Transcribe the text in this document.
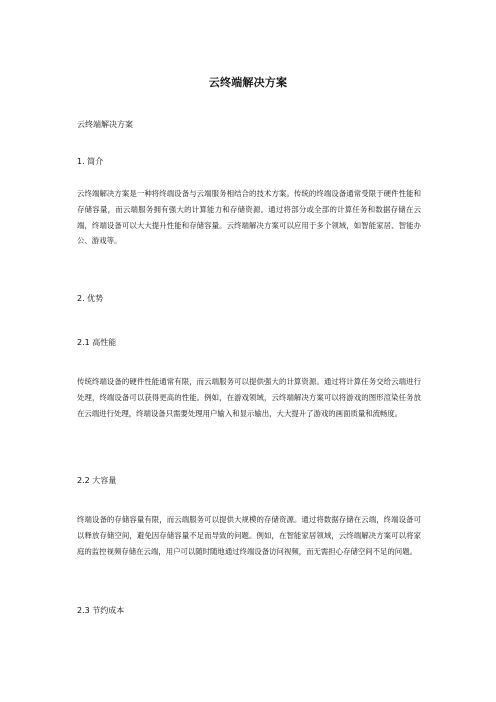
云终端解决方案
云终端解决方案
1. 简介
云终端解决方案是一种将终端设备与云端服务相结合的技术方案。传统的终端设备通常受限于硬件性能和存储容量，而云端服务拥有强大的计算能力和存储资源。通过将部分或全部的计算任务和数据存储在云端，终端设备可以大大提升性能和存储容量。云终端解决方案可以应用于多个领域，如智能家居、智能办公、游戏等。
2. 优势
2.1 高性能
传统终端设备的硬件性能通常有限，而云端服务可以提供强大的计算资源。通过将计算任务交给云端进行处理，终端设备可以获得更高的性能。例如，在游戏领域，云终端解决方案可以将游戏的图形渲染任务放在云端进行处理，终端设备只需要处理用户输入和显示输出，大大提升了游戏的画面质量和流畅度。
2.2 大容量
终端设备的存储容量有限，而云端服务可以提供大规模的存储资源。通过将数据存储在云端，终端设备可以释放存储空间，避免因存储容量不足而导致的问题。例如，在智能家居领域，云终端解决方案可以将家庭的监控视频存储在云端，用户可以随时随地通过终端设备访问视频，而无需担心存储空间不足的问题。
2.3 节约成本
